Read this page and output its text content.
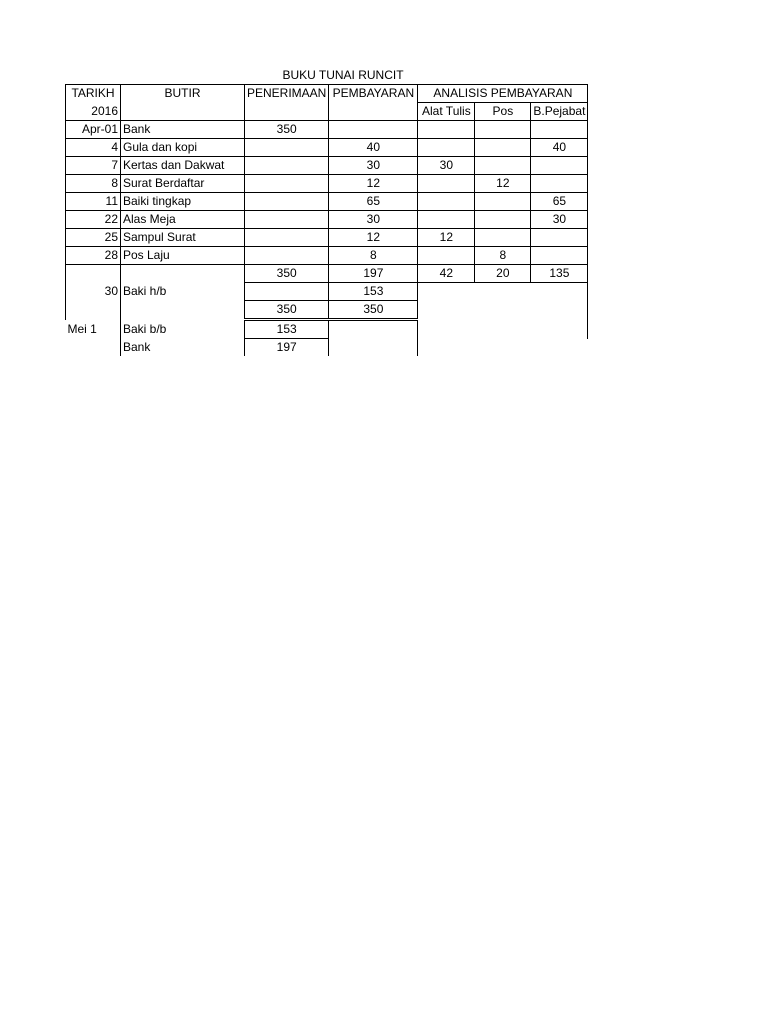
BUKU TUNAI RUNCIT
TARIKH	BUTIR	PENERIMAAN	PEMBAYARAN	ANALISIS PEMBAYARAN		
2016				Alat Tulis	Pos	B.Pejabat
Apr-01	Bank	350				
4	Gula dan kopi		40			40
7	Kertas dan Dakwat		30	30		
8	Surat Berdaftar		12		12	
11	Baiki tingkap		65			65
22	Alas Meja		30			30
25	Sampul Surat		12	12		
28	Pos Laju		8		8	
		350	197	42	20	135
30	Baki h/b		153			
		350	350			
Mei 1	Baki b/b	153				
	Bank	197				
